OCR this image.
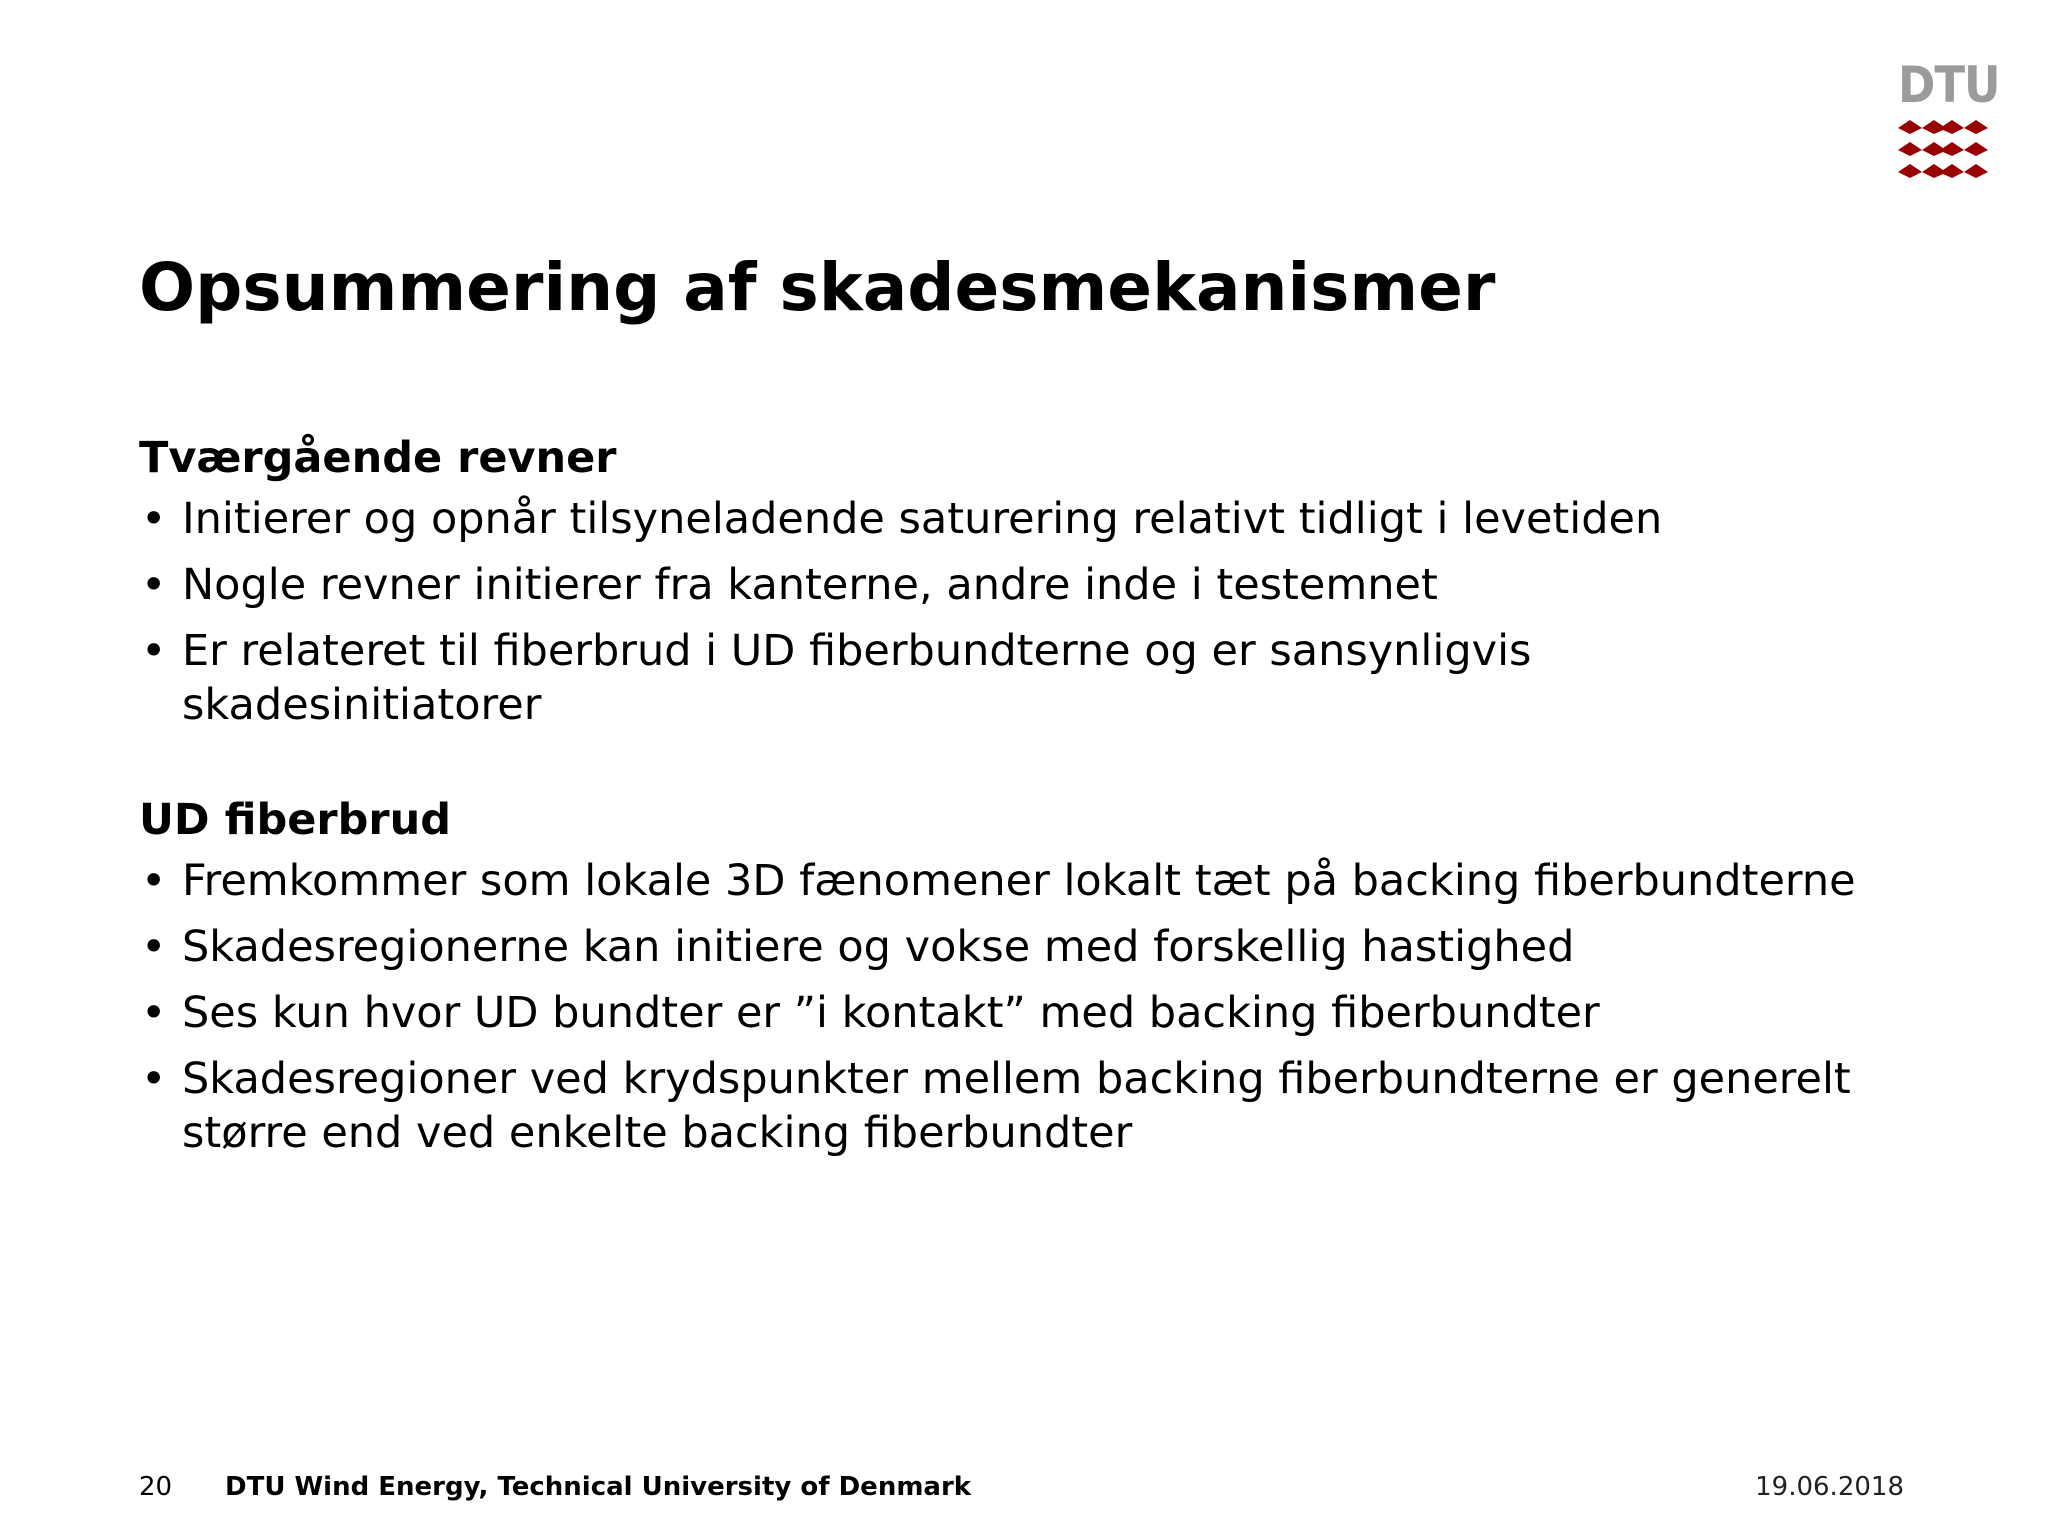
DTU
Opsummering af skadesmekanismer
Tværgående revner
• Initierer og opnår tilsyneladende saturering relativt tidligt i levetiden
• Nogle revner initierer fra kanterne, andre inde i testemnet
• Er relateret til fiberbrud i UD fiberbundterne og er sansynligvis skadesinitiatorer
UD fiberbrud
• Fremkommer som lokale 3D fænomener lokalt tæt på backing fiberbundterne
• Skadesregionerne kan initiere og vokse med forskellig hastighed
• Ses kun hvor UD bundter er ”i kontakt” med backing fiberbundter
• Skadesregioner ved krydspunkter mellem backing fiberbundterne er generelt større end ved enkelte backing fiberbundter
20 DTU Wind Energy, Technical University of Denmark	19.06.2018
